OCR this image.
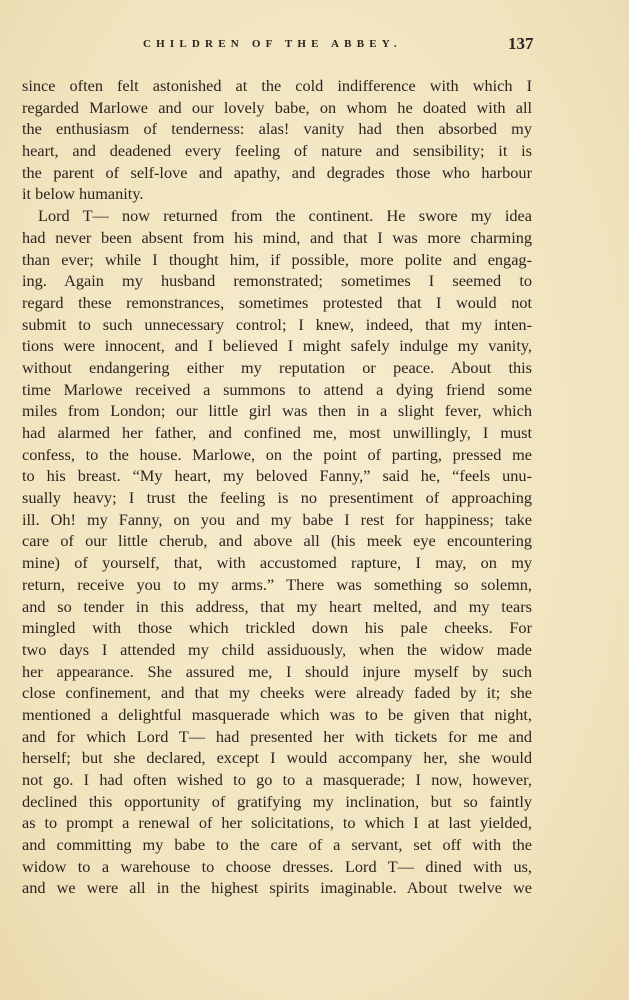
CHILDREN OF THE ABBEY.	137
since often felt astonished at the cold indifference with which I
regarded Marlowe and our lovely babe, on whom he doated with all
the enthusiasm of tenderness: alas! vanity had then absorbed my
heart, and deadened every feeling of nature and sensibility; it is
the parent of self-love and apathy, and degrades those who harbour
it below humanity.
Lord T— now returned from the continent. He swore my idea
had never been absent from his mind, and that I was more charming
than ever; while I thought him, if possible, more polite and engag-
ing. Again my husband remonstrated; sometimes I seemed to
regard these remonstrances, sometimes protested that I would not
submit to such unnecessary control; I knew, indeed, that my inten-
tions were innocent, and I believed I might safely indulge my vanity,
without endangering either my reputation or peace. About this
time Marlowe received a summons to attend a dying friend some
miles from London; our little girl was then in a slight fever, which
had alarmed her father, and confined me, most unwillingly, I must
confess, to the house. Marlowe, on the point of parting, pressed me
to his breast. “My heart, my beloved Fanny,” said he, “feels unu-
sually heavy; I trust the feeling is no presentiment of approaching
ill. Oh! my Fanny, on you and my babe I rest for happiness; take
care of our little cherub, and above all (his meek eye encountering
mine) of yourself, that, with accustomed rapture, I may, on my
return, receive you to my arms.” There was something so solemn,
and so tender in this address, that my heart melted, and my tears
mingled with those which trickled down his pale cheeks. For
two days I attended my child assiduously, when the widow made
her appearance. She assured me, I should injure myself by such
close confinement, and that my cheeks were already faded by it; she
mentioned a delightful masquerade which was to be given that night,
and for which Lord T— had presented her with tickets for me and
herself; but she declared, except I would accompany her, she would
not go. I had often wished to go to a masquerade; I now, however,
declined this opportunity of gratifying my inclination, but so faintly
as to prompt a renewal of her solicitations, to which I at last yielded,
and committing my babe to the care of a servant, set off with the
widow to a warehouse to choose dresses. Lord T— dined with us,
and we were all in the highest spirits imaginable. About twelve we
